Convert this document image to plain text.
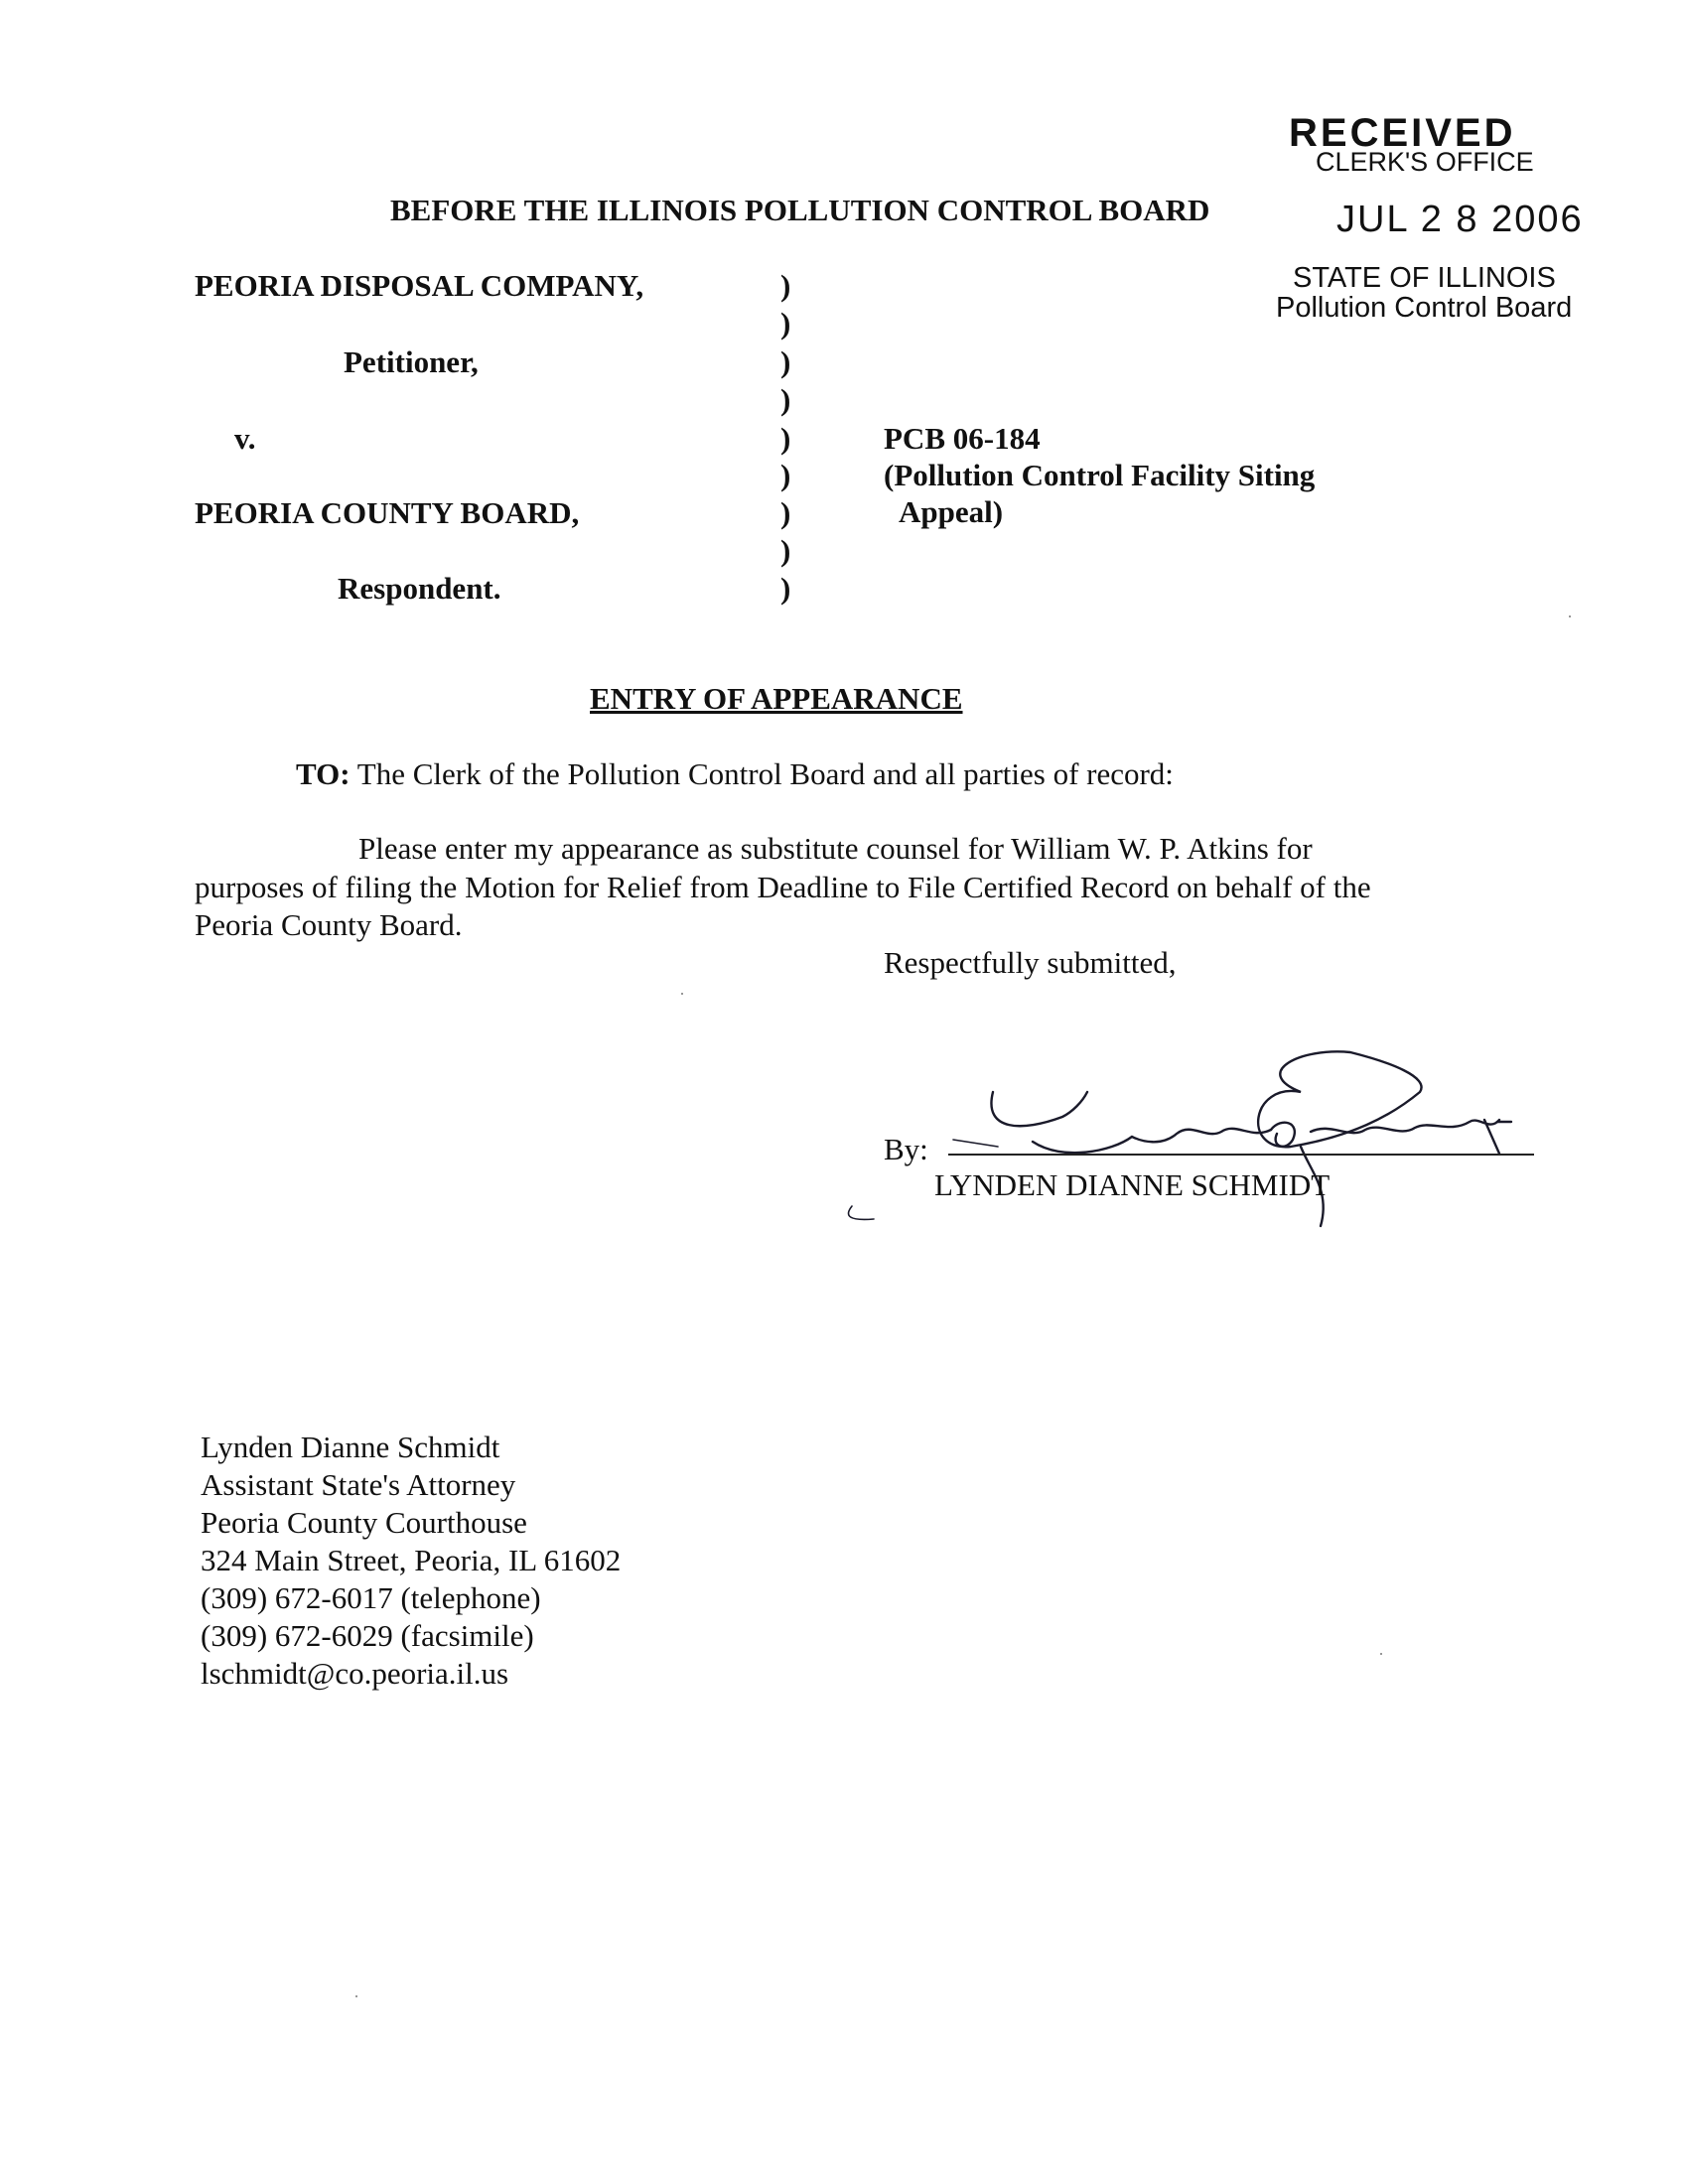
RECEIVED
CLERK'S OFFICE
JUL 2 8 2006
STATE OF ILLINOIS
Pollution Control Board
BEFORE THE ILLINOIS POLLUTION CONTROL BOARD
PEORIA DISPOSAL COMPANY,
Petitioner,
v.
PEORIA COUNTY BOARD,
Respondent.
)
)
)
)
)
)
)
)
)
PCB 06-184
(Pollution Control Facility Siting
Appeal)
ENTRY OF APPEARANCE
TO: The Clerk of the Pollution Control Board and all parties of record:
Please enter my appearance as substitute counsel for William W. P. Atkins for
purposes of filing the Motion for Relief from Deadline to File Certified Record on behalf of the
Peoria County Board.
Respectfully submitted,
By:
LYNDEN DIANNE SCHMIDT
Lynden Dianne Schmidt
Assistant State's Attorney
Peoria County Courthouse
324 Main Street, Peoria, IL 61602
(309) 672-6017 (telephone)
(309) 672-6029 (facsimile)
lschmidt@co.peoria.il.us
